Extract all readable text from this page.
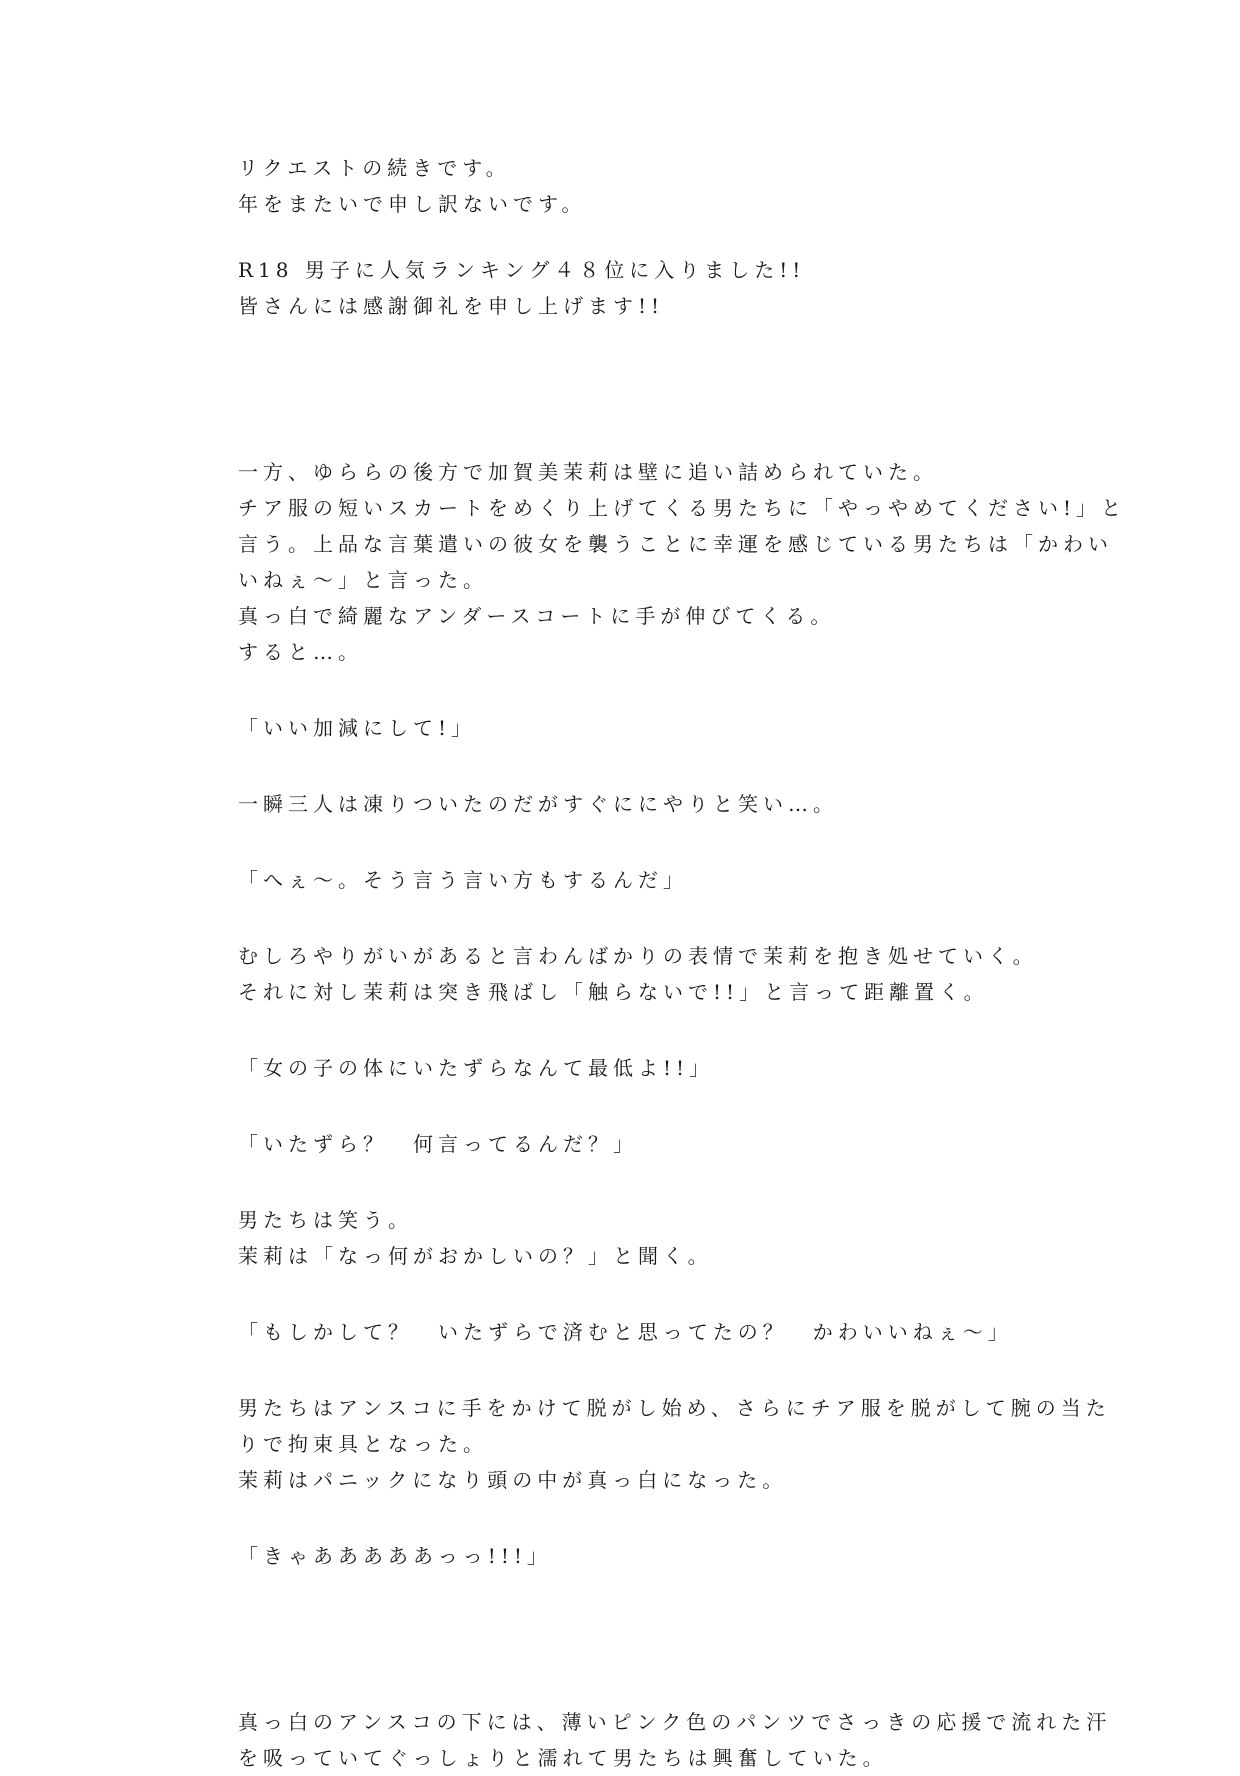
リクエストの続きです。
年をまたいで申し訳ないです。
R18 男子に人気ランキング４８位に入りました!!
皆さんには感謝御礼を申し上げます!!
一方、ゆららの後方で加賀美茉莉は壁に追い詰められていた。
チア服の短いスカートをめくり上げてくる男たちに「やっやめてください!」と
言う。上品な言葉遣いの彼女を襲うことに幸運を感じている男たちは「かわい
いねぇ～」と言った。
真っ白で綺麗なアンダースコートに手が伸びてくる。
すると…。
「いい加減にして!」
一瞬三人は凍りついたのだがすぐににやりと笑い…。
「へぇ～。そう言う言い方もするんだ」
むしろやりがいがあると言わんばかりの表情で茉莉を抱き処せていく。
それに対し茉莉は突き飛ばし「触らないで!!」と言って距離置く。
「女の子の体にいたずらなんて最低よ!!」
「いたずら？　何言ってるんだ？」
男たちは笑う。
茉莉は「なっ何がおかしいの？」と聞く。
「もしかして？　いたずらで済むと思ってたの？　かわいいねぇ～」
男たちはアンスコに手をかけて脱がし始め、さらにチア服を脱がして腕の当た
りで拘束具となった。
茉莉はパニックになり頭の中が真っ白になった。
「きゃあああああっっ!!!」
真っ白のアンスコの下には、薄いピンク色のパンツでさっきの応援で流れた汗
を吸っていてぐっしょりと濡れて男たちは興奮していた。
